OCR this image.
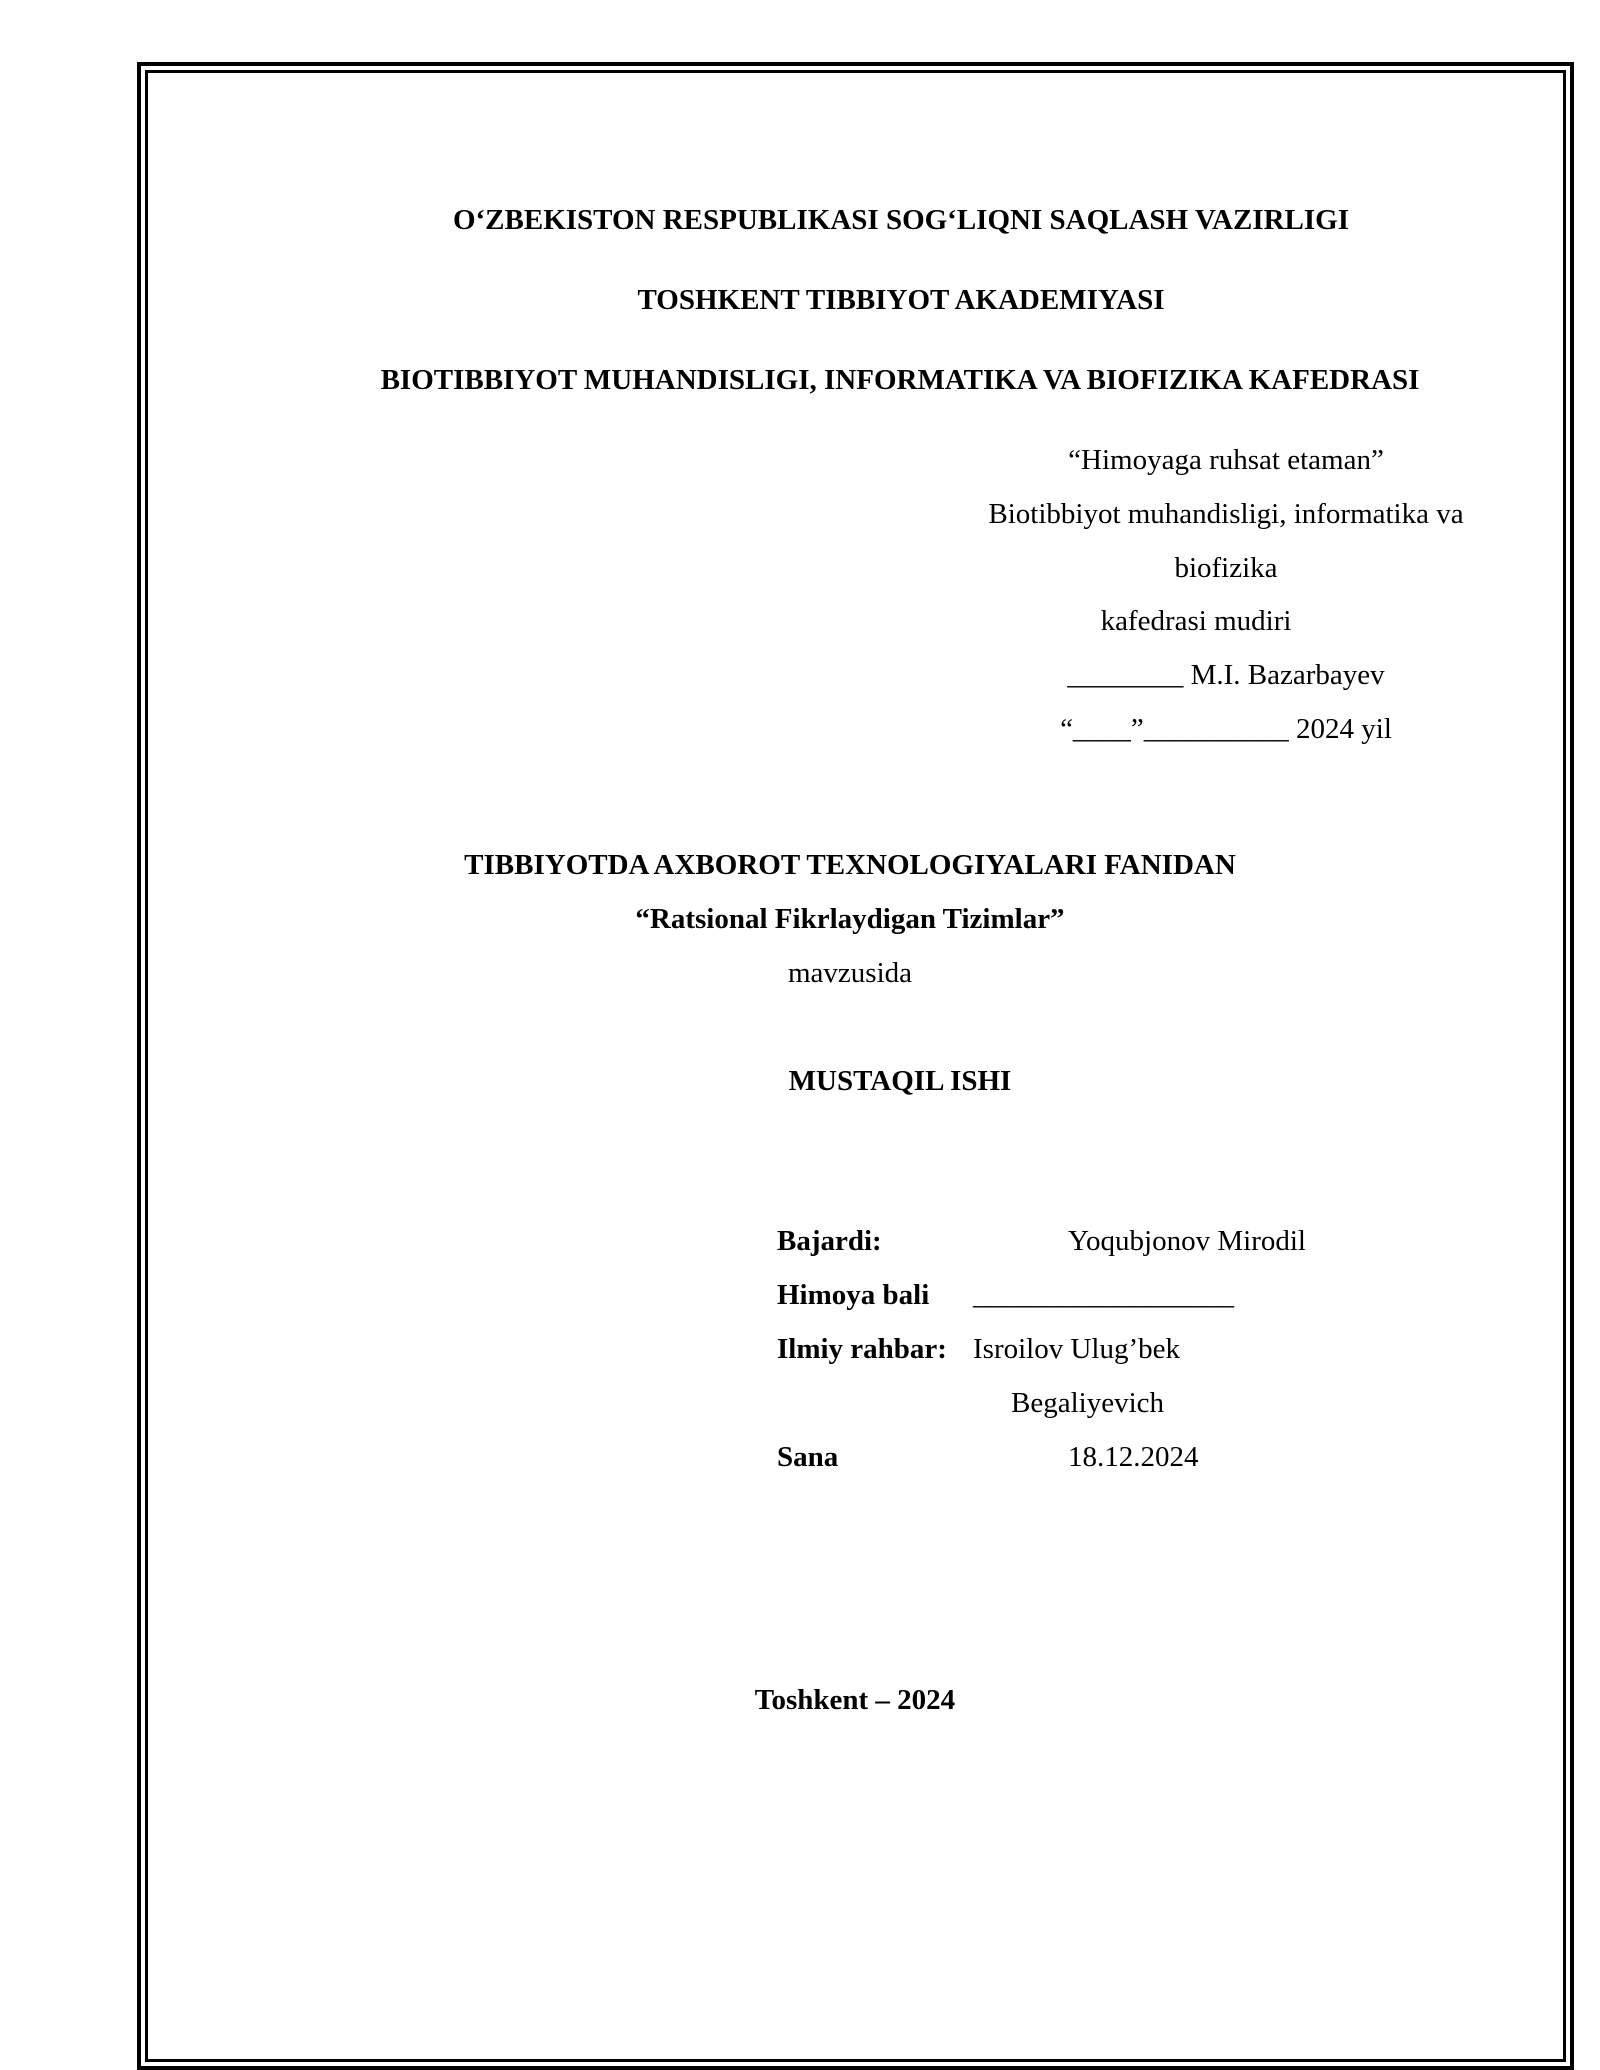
O‘ZBEKISTON RESPUBLIKASI SOG‘LIQNI SAQLASH VAZIRLIGI
TOSHKENT TIBBIYOT AKADEMIYASI
BIOTIBBIYOT MUHANDISLIGI, INFORMATIKA VA BIOFIZIKA KAFEDRASI
“Himoyaga ruhsat etaman”
Biotibbiyot muhandisligi, informatika va
biofizika
kafedrasi mudiri
________ M.I. Bazarbayev
“____”__________ 2024 yil
TIBBIYOTDA AXBOROT TEXNOLOGIYALARI FANIDAN
“Ratsional Fikrlaydigan Tizimlar”
mavzusida
MUSTAQIL ISHI
Bajardi:	Yoqubjonov Mirodil
Himoya bali __________________
Ilmiy rahbar: Isroilov Ulug’bek
Begaliyevich
Sana	18.12.2024
Toshkent – 2024
